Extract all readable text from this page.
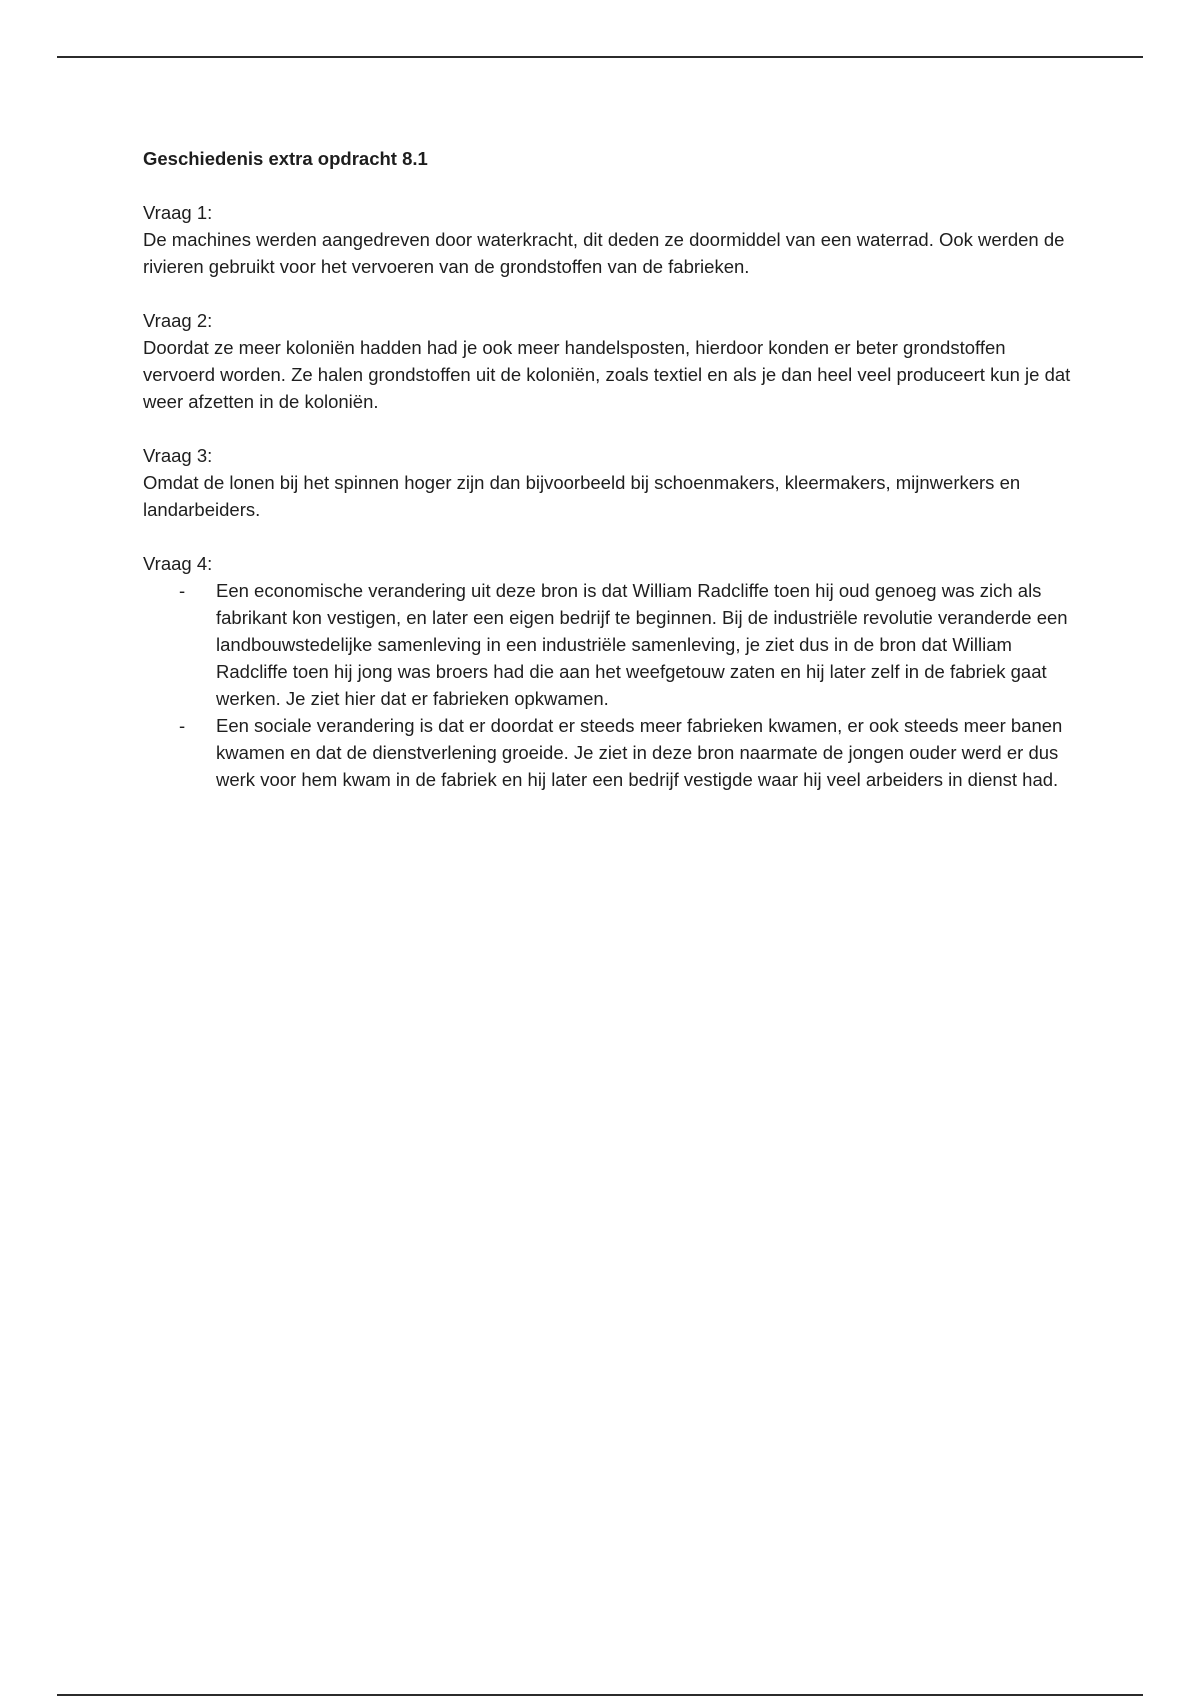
Geschiedenis extra opdracht 8.1

Vraag 1:

De machines werden aangedreven door waterkracht, dit deden ze doormiddel van een waterrad. Ook werden de rivieren gebruikt voor het vervoeren van de grondstoffen van de fabrieken.

Vraag 2:

Doordat ze meer koloniën hadden had je ook meer handelsposten, hierdoor konden er beter grondstoffen vervoerd worden. Ze halen grondstoffen uit de koloniën, zoals textiel en als je dan heel veel produceert kun je dat weer afzetten in de koloniën.

Vraag 3:

Omdat de lonen bij het spinnen hoger zijn dan bijvoorbeeld bij schoenmakers, kleermakers, mijnwerkers en landarbeiders.

Vraag 4:
- Een economische verandering uit deze bron is dat William Radcliffe toen hij oud genoeg was zich als fabrikant kon vestigen, en later een eigen bedrijf te beginnen. Bij de industriële revolutie veranderde een landbouwstedelijke samenleving in een industriële samenleving, je ziet dus in de bron dat William Radcliffe toen hij jong was broers had die aan het weefgetouw zaten en hij later zelf in de fabriek gaat werken. Je ziet hier dat er fabrieken opkwamen.
- Een sociale verandering is dat er doordat er steeds meer fabrieken kwamen, er ook steeds meer banen kwamen en dat de dienstverlening groeide. Je ziet in deze bron naarmate de jongen ouder werd er dus werk voor hem kwam in de fabriek en hij later een bedrijf vestigde waar hij veel arbeiders in dienst had.
